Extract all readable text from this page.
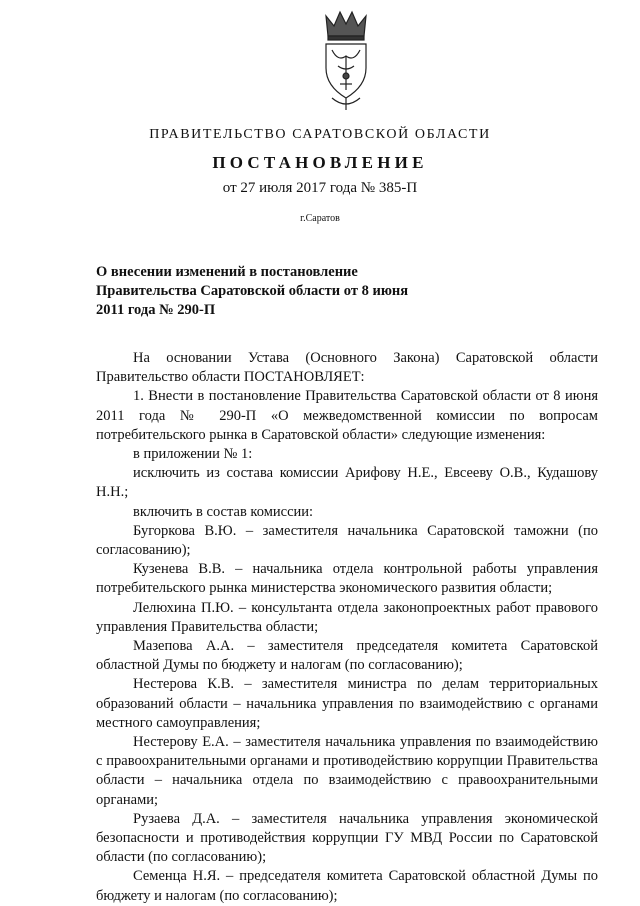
ПРАВИТЕЛЬСТВО САРАТОВСКОЙ ОБЛАСТИ
ПОСТАНОВЛЕНИЕ
от 27 июля 2017 года № 385-П
г.Саратов
О внесении изменений в постановление Правительства Саратовской области от 8 июня 2011 года № 290-П

На основании Устава (Основного Закона) Саратовской области Правительство области ПОСТАНОВЛЯЕТ:

1. Внести в постановление Правительства Саратовской области от 8 июня 2011 года № 290-П «О межведомственной комиссии по вопросам потребительского рынка в Саратовской области» следующие изменения:

в приложении № 1:

исключить из состава комиссии Арифову Н.Е., Евсееву О.В., Кудашову Н.Н.;

включить в состав комиссии:

Бугоркова В.Ю. – заместителя начальника Саратовской таможни (по согласованию);

Кузенева В.В. – начальника отдела контрольной работы управления потребительского рынка министерства экономического развития области;

Лелюхина П.Ю. – консультанта отдела законопроектных работ правового управления Правительства области;

Мазепова А.А. – заместителя председателя комитета Саратовской областной Думы по бюджету и налогам (по согласованию);

Нестерова К.В. – заместителя министра по делам территориальных образований области – начальника управления по взаимодействию с органами местного самоуправления;

Нестерову Е.А. – заместителя начальника управления по взаимодействию с правоохранительными органами и противодействию коррупции Правительства области – начальника отдела по взаимодействию с правоохранительными органами;

Рузаева Д.А. – заместителя начальника управления экономической безопасности и противодействия коррупции ГУ МВД России по Саратовской области (по согласованию);

Семенца Н.Я. – председателя комитета Саратовской областной Думы по бюджету и налогам (по согласованию);
